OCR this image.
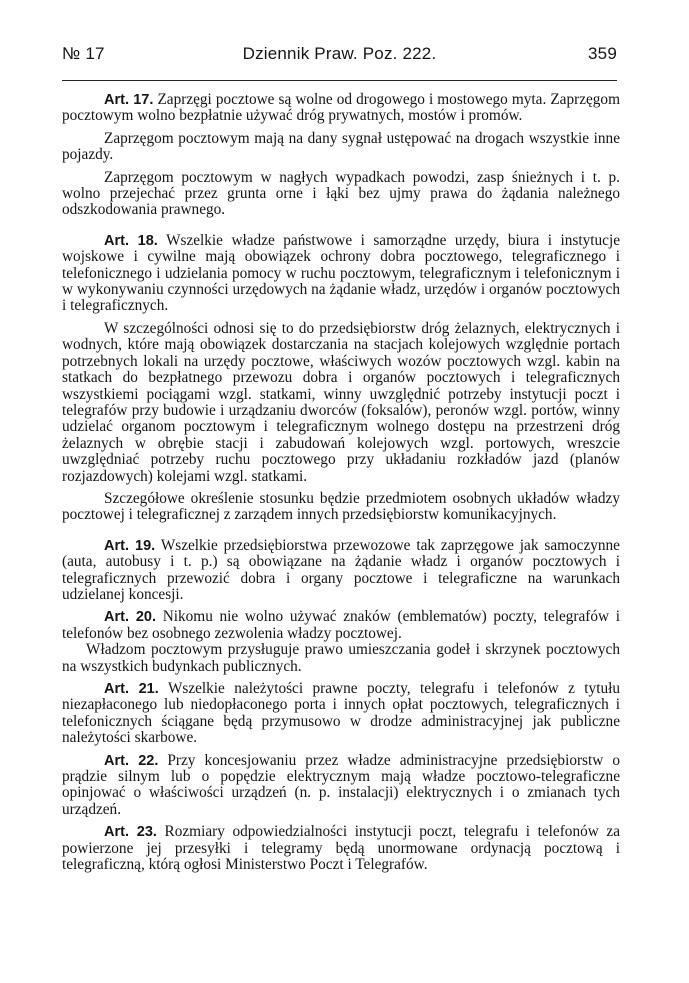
№ 17	Dziennik Praw. Poz. 222.	359

Art. 17. Zaprzęgi pocztowe są wolne od drogowego i mostowego myta. Zaprzęgom pocztowym wolno bezpłatnie używać dróg prywatnych, mostów i promów.

Zaprzęgom pocztowym mają na dany sygnał ustępować na drogach wszystkie inne pojazdy.

Zaprzęgom pocztowym w nagłych wypadkach powodzi, zasp śnieżnych i t. p. wolno przejechać przez grunta orne i łąki bez ujmy prawa do żądania należnego odszkodowania prawnego.

Art. 18. Wszelkie władze państwowe i samorządne urzędy, biura i instytucje wojskowe i cywilne mają obowiązek ochrony dobra pocztowego, telegraficznego i telefonicznego i udzielania pomocy w ruchu pocztowym, telegraficznym i telefonicznym i w wykonywaniu czynności urzędowych na żądanie władz, urzędów i organów pocztowych i telegraficznych.

W szczególności odnosi się to do przedsiębiorstw dróg żelaznych, elektrycznych i wodnych, które mają obowiązek dostarczania na stacjach kolejowych względnie portach potrzebnych lokali na urzędy pocztowe, właściwych wozów pocztowych wzgl. kabin na statkach do bezpłatnego przewozu dobra i organów pocztowych i telegraficznych wszystkiemi pociągami wzgl. statkami, winny uwzględnić potrzeby instytucji poczt i telegrafów przy budowie i urządzaniu dworców (foksalów), peronów wzgl. portów, winny udzielać organom pocztowym i telegraficznym wolnego dostępu na przestrzeni dróg żelaznych w obrębie stacji i zabudowań kolejowych wzgl. portowych, wreszcie uwzględniać potrzeby ruchu pocztowego przy układaniu rozkładów jazd (planów rozjazdowych) kolejami wzgl. statkami.

Szczegółowe określenie stosunku będzie przedmiotem osobnych układów władzy pocztowej i telegraficznej z zarządem innych przedsiębiorstw komunikacyjnych.

Art. 19. Wszelkie przedsiębiorstwa przewozowe tak zaprzęgowe jak samoczynne (auta, autobusy i t. p.) są obowiązane na żądanie władz i organów pocztowych i telegraficznych przewozić dobra i organy pocztowe i telegraficzne na warunkach udzielanej koncesji.

Art. 20. Nikomu nie wolno używać znaków (emblematów) poczty, telegrafów i telefonów bez osobnego zezwolenia władzy pocztowej.

Władzom pocztowym przysługuje prawo umieszczania godeł i skrzynek pocztowych na wszystkich budynkach publicznych.

Art. 21. Wszelkie należytości prawne poczty, telegrafu i telefonów z tytułu niezapłaconego lub niedopłaconego porta i innych opłat pocztowych, telegraficznych i telefonicznych ściągane będą przymusowo w drodze administracyjnej jak publiczne należytości skarbowe.

Art. 22. Przy koncesjowaniu przez władze administracyjne przedsiębiorstw o prądzie silnym lub o popędzie elektrycznym mają władze pocztowo-telegraficzne opinjować o właściwości urządzeń (n. p. instalacji) elektrycznych i o zmianach tych urządzeń.

Art. 23. Rozmiary odpowiedzialności instytucji poczt, telegrafu i telefonów za powierzone jej przesyłki i telegramy będą unormowane ordynacją pocztową i telegraficzną, którą ogłosi Ministerstwo Poczt i Telegrafów.
